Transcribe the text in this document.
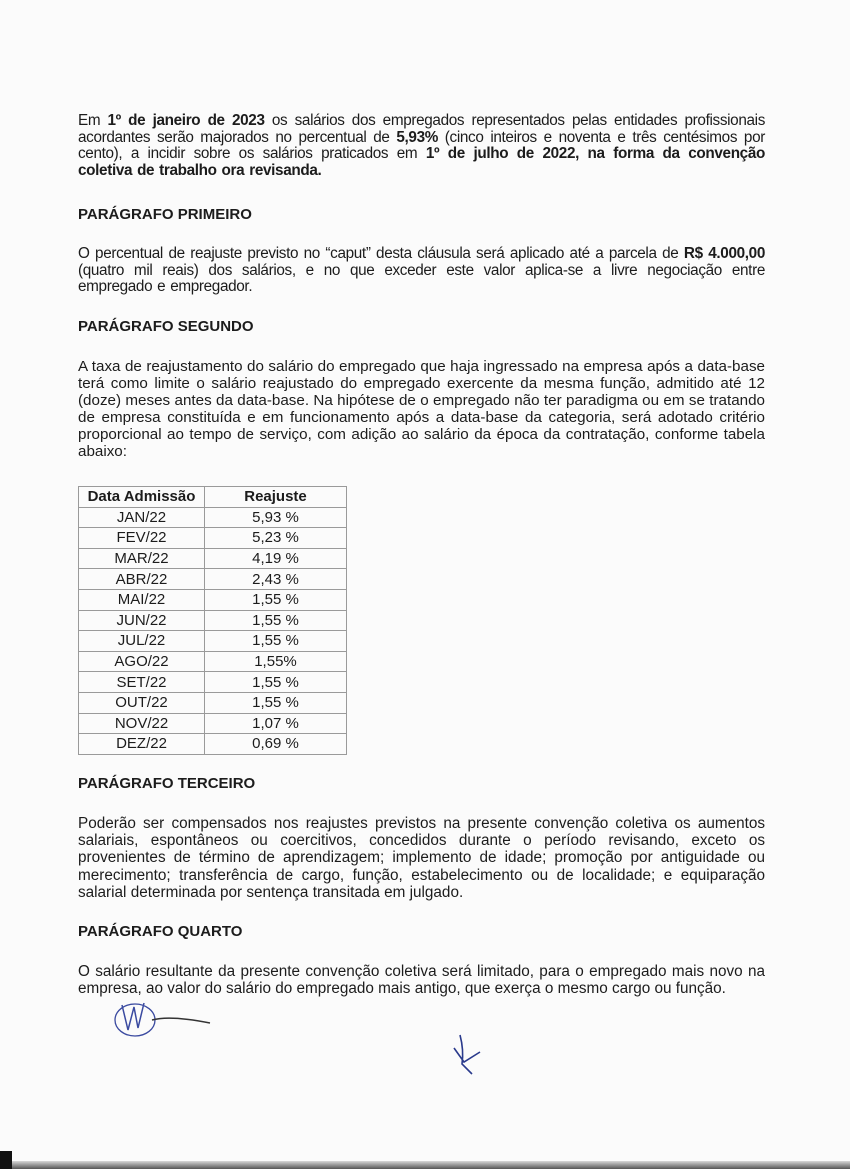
Em 1º de janeiro de 2023 os salários dos empregados representados pelas entidades profissionais acordantes serão majorados no percentual de 5,93% (cinco inteiros e noventa e três centésimos por cento), a incidir sobre os salários praticados em 1º de julho de 2022, na forma da convenção coletiva de trabalho ora revisanda.
PARÁGRAFO PRIMEIRO
O percentual de reajuste previsto no “caput” desta cláusula será aplicado até a parcela de R$ 4.000,00 (quatro mil reais) dos salários, e no que exceder este valor aplica-se a livre negociação entre empregado e empregador.
PARÁGRAFO SEGUNDO
A taxa de reajustamento do salário do empregado que haja ingressado na empresa após a data-base terá como limite o salário reajustado do empregado exercente da mesma função, admitido até 12 (doze) meses antes da data-base. Na hipótese de o empregado não ter paradigma ou em se tratando de empresa constituída e em funcionamento após a data-base da categoria, será adotado critério proporcional ao tempo de serviço, com adição ao salário da época da contratação, conforme tabela abaixo:
Data Admissão	Reajuste
JAN/22	5,93 %
FEV/22	5,23 %
MAR/22	4,19 %
ABR/22	2,43 %
MAI/22	1,55 %
JUN/22	1,55 %
JUL/22	1,55 %
AGO/22	1,55%
SET/22	1,55 %
OUT/22	1,55 %
NOV/22	1,07 %
DEZ/22	0,69 %
PARÁGRAFO TERCEIRO
Poderão ser compensados nos reajustes previstos na presente convenção coletiva os aumentos salariais, espontâneos ou coercitivos, concedidos durante o período revisando, exceto os provenientes de término de aprendizagem; implemento de idade; promoção por antiguidade ou merecimento; transferência de cargo, função, estabelecimento ou de localidade; e equiparação salarial determinada por sentença transitada em julgado.
PARÁGRAFO QUARTO
O salário resultante da presente convenção coletiva será limitado, para o empregado mais novo na empresa, ao valor do salário do empregado mais antigo, que exerça o mesmo cargo ou função.
